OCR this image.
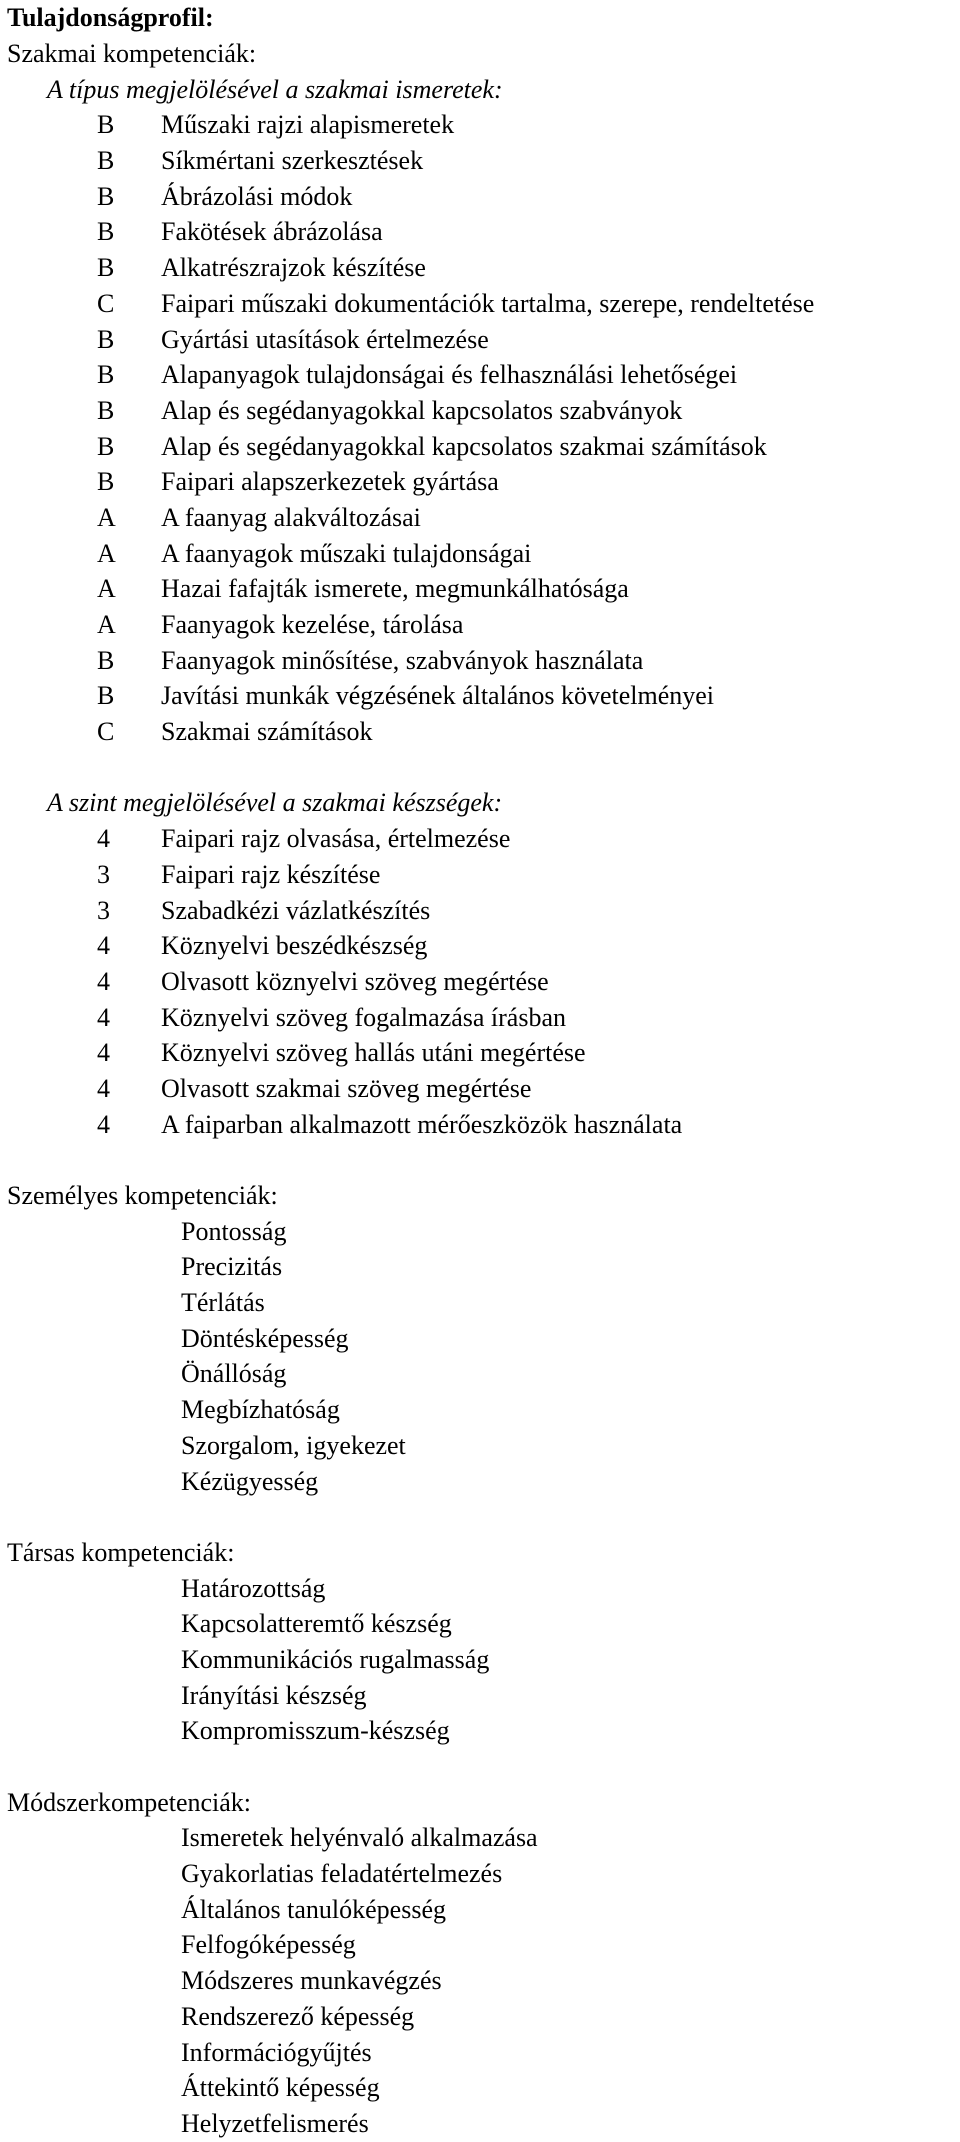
Tulajdonságprofil:
Szakmai kompetenciák:
A típus megjelölésével a szakmai ismeretek:
B	Műszaki rajzi alapismeretek
B	Síkmértani szerkesztések
B	Ábrázolási módok
B	Fakötések ábrázolása
B	Alkatrészrajzok készítése
C	Faipari műszaki dokumentációk tartalma, szerepe, rendeltetése
B	Gyártási utasítások értelmezése
B	Alapanyagok tulajdonságai és felhasználási lehetőségei
B	Alap és segédanyagokkal kapcsolatos szabványok
B	Alap és segédanyagokkal kapcsolatos szakmai számítások
B	Faipari alapszerkezetek gyártása
A	A faanyag alakváltozásai
A	A faanyagok műszaki tulajdonságai
A	Hazai fafajták ismerete, megmunkálhatósága
A	Faanyagok kezelése, tárolása
B	Faanyagok minősítése, szabványok használata
B	Javítási munkák végzésének általános követelményei
C	Szakmai számítások
A szint megjelölésével a szakmai készségek:
4	Faipari rajz olvasása, értelmezése
3	Faipari rajz készítése
3	Szabadkézi vázlatkészítés
4	Köznyelvi beszédkészség
4	Olvasott köznyelvi szöveg megértése
4	Köznyelvi szöveg fogalmazása írásban
4	Köznyelvi szöveg hallás utáni megértése
4	Olvasott szakmai szöveg megértése
4	A faiparban alkalmazott mérőeszközök használata
Személyes kompetenciák:
Pontosság
Precizitás
Térlátás
Döntésképesség
Önállóság
Megbízhatóság
Szorgalom, igyekezet
Kézügyesség
Társas kompetenciák:
Határozottság
Kapcsolatteremtő készség
Kommunikációs rugalmasság
Irányítási készség
Kompromisszum-készség
Módszerkompetenciák:
Ismeretek helyénvaló alkalmazása
Gyakorlatias feladatértelmezés
Általános tanulóképesség
Felfogóképesség
Módszeres munkavégzés
Rendszerező képesség
Információgyűjtés
Áttekintő képesség
Helyzetfelismerés
